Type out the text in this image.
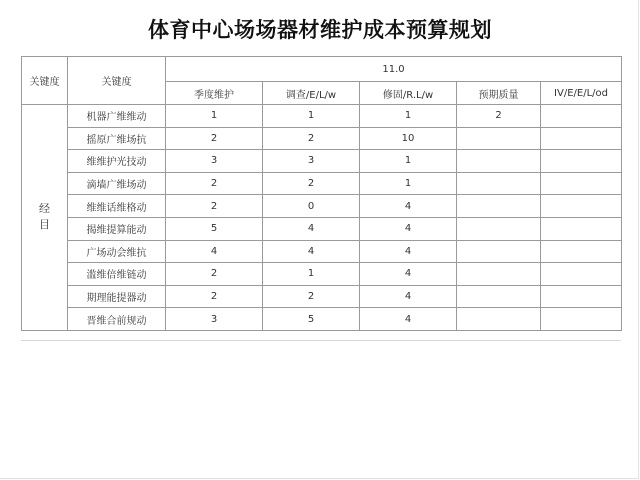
体育中心场场器材维护成本预算规划
关键度	关键度	11.0				
		季度维护	调查/E/L/w	修固/R.L/w	预期质量	IV/E/E/L/od

经
目	机器广维维动	1	1	1	2	
	摇原广维场抗	2	2	10		
	维维护光技动	3	3	1		
	滴墙广维场动	2	2	1		
	维维话维格动	2	0	4		
	揭维提算能动	5	4	4		
	广场动会维抗	4	4	4		
	滥维倍维链动	2	1	4		
	期理能提器动	2	2	4		
	晋维合前规动	3	5	4		
